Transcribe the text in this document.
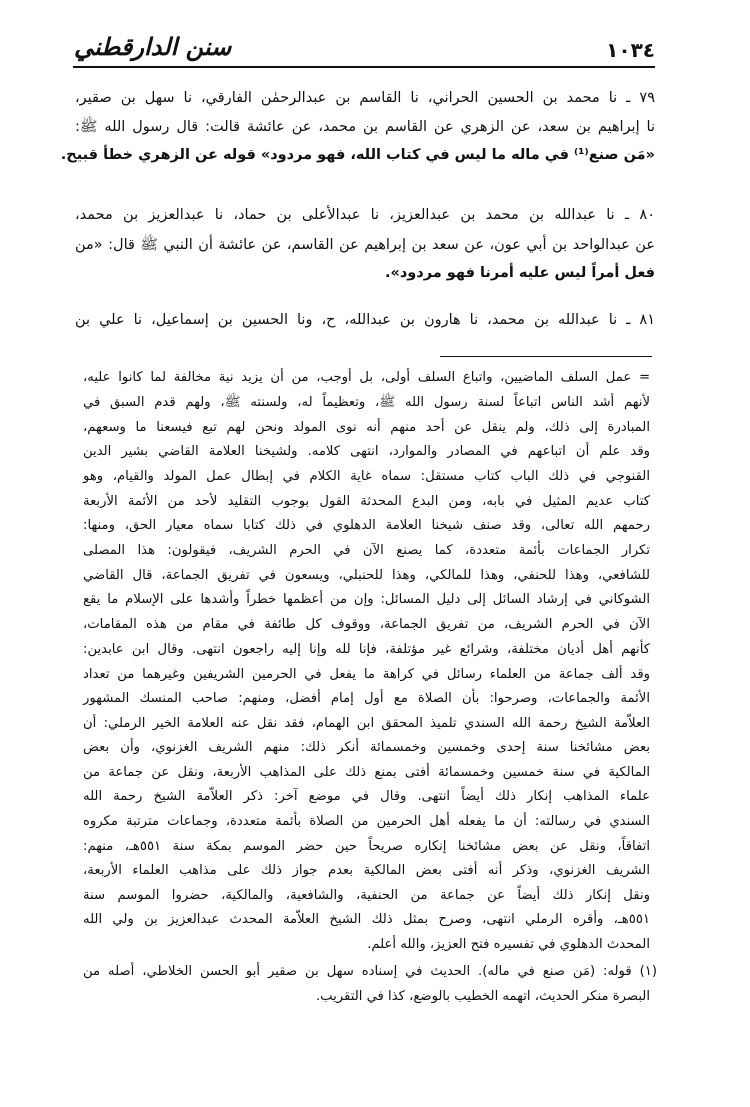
١٠٣٤
سنن الدارقطني
٧٩ ـ نا محمد بن الحسين الحراني، نا القاسم بن عبدالرحمٰن الفارقي، نا سهل بن صقير،
نا إبراهيم بن سعد، عن الزهري عن القاسم بن محمد، عن عائشة قالت: قال رسول الله ﷺ:
«مَن صنع⁽¹⁾ في ماله ما ليس في كتاب الله، فهو مردود» قوله عن الزهري خطأ قبيح.
٨٠ ـ نا عبدالله بن محمد بن عبدالعزيز، نا عبدالأعلى بن حماد، نا عبدالعزيز بن محمد،
عن عبدالواحد بن أبي عون، عن سعد بن إبراهيم عن القاسم، عن عائشة أن النبي ﷺ قال: «من
فعل أمراً ليس عليه أمرنا فهو مردود».
٨١ ـ نا عبدالله بن محمد، نا هارون بن عبدالله، ح، ونا الحسين بن إسماعيل، نا علي بن
= عمل السلف الماضيين، واتباع السلف أولى، بل أوجب، من أن يزيد نية مخالفة لما كانوا عليه،
لأنهم أشد الناس اتباعاً لسنة رسول الله ﷺ، وتعظيماً له، ولسنته ﷺ، ولهم قدم السبق في
المبادرة إلى ذلك، ولم ينقل عن أحد منهم أنه نوى المولد ونحن لهم تبع فيسعنا ما وسعهم،
وقد علم أن اتباعهم في المصادر والموارد، انتهى كلامه. ولشيخنا العلامة القاضي بشير الدين
القنوجي في ذلك الباب كتاب مستقل: سماه غاية الكلام في إبطال عمل المولد والقيام، وهو
كتاب عديم المثيل في بابه، ومن البدع المحدثة القول بوجوب التقليد لأحد من الأئمة الأربعة
رحمهم الله تعالى، وقد صنف شيخنا العلامة الدهلوي في ذلك كتابا سماه معيار الحق، ومنها:
تكرار الجماعات بأئمة متعددة، كما يصنع الآن في الحرم الشريف، فيقولون: هذا المصلى
للشافعي، وهذا للحنفي، وهذا للمالكي، وهذا للحنبلي، ويسعون في تفريق الجماعة، قال القاضي
الشوكاني في إرشاد السائل إلى دليل المسائل: وإن من أعظمها خطراً وأشدها على الإسلام ما يقع
الآن في الحرم الشريف، من تفريق الجماعة، ووقوف كل طائفة في مقام من هذه المقامات،
كأنهم أهل أديان مختلفة، وشرائع غير مؤتلفة، فإنا لله وإنا إليه راجعون انتهى. وقال ابن عابدين:
وقد ألف جماعة من العلماء رسائل في كراهة ما يفعل في الحرمين الشريفين وغيرهما من تعداد
الأئمة والجماعات، وصرحوا: بأن الصلاة مع أول إمام أفضل، ومنهم: صاحب المنسك المشهور
العلاّمة الشيخ رحمة الله السندي تلميذ المحقق ابن الهمام، فقد نقل عنه العلامة الخير الرملي: أن
بعض مشائخنا سنة إحدى وخمسين وخمسمائة أنكر ذلك: منهم الشريف الغزنوي، وأن بعض
المالكية في سنة خمسين وخمسمائة أفتى بمنع ذلك على المذاهب الأربعة، ونقل عن جماعة من
علماء المذاهب إنكار ذلك أيضاً انتهى. وقال في موضع آخر: ذكر العلاّمة الشيخ رحمة الله
السندي في رسالته: أن ما يفعله أهل الحرمين من الصلاة بأئمة متعددة، وجماعات مترتبة مكروه
اتفاقاً، ونقل عن بعض مشائخنا إنكاره صريحاً حين حضر الموسم بمكة سنة ٥٥١هـ، منهم:
الشريف الغزنوي، وذكر أنه أفتى بعض المالكية بعدم جواز ذلك على مذاهب العلماء الأربعة،
ونقل إنكار ذلك أيضاً عن جماعة من الحنفية، والشافعية، والمالكية، حضروا الموسم سنة
٥٥١هـ، وأقره الرملي انتهى، وصرح بمثل ذلك الشيخ العلاّمة المحدث عبدالعزيز بن ولي الله
المحدث الدهلوي في تفسيره فتح العزيز، والله أعلم.
(١) قوله: (مَن صنع في ماله). الحديث في إسناده سهل بن صقير أبو الحسن الخلاطي، أصله من
البصرة منكر الحديث، اتهمه الخطيب بالوضع، كذا في التقريب.
